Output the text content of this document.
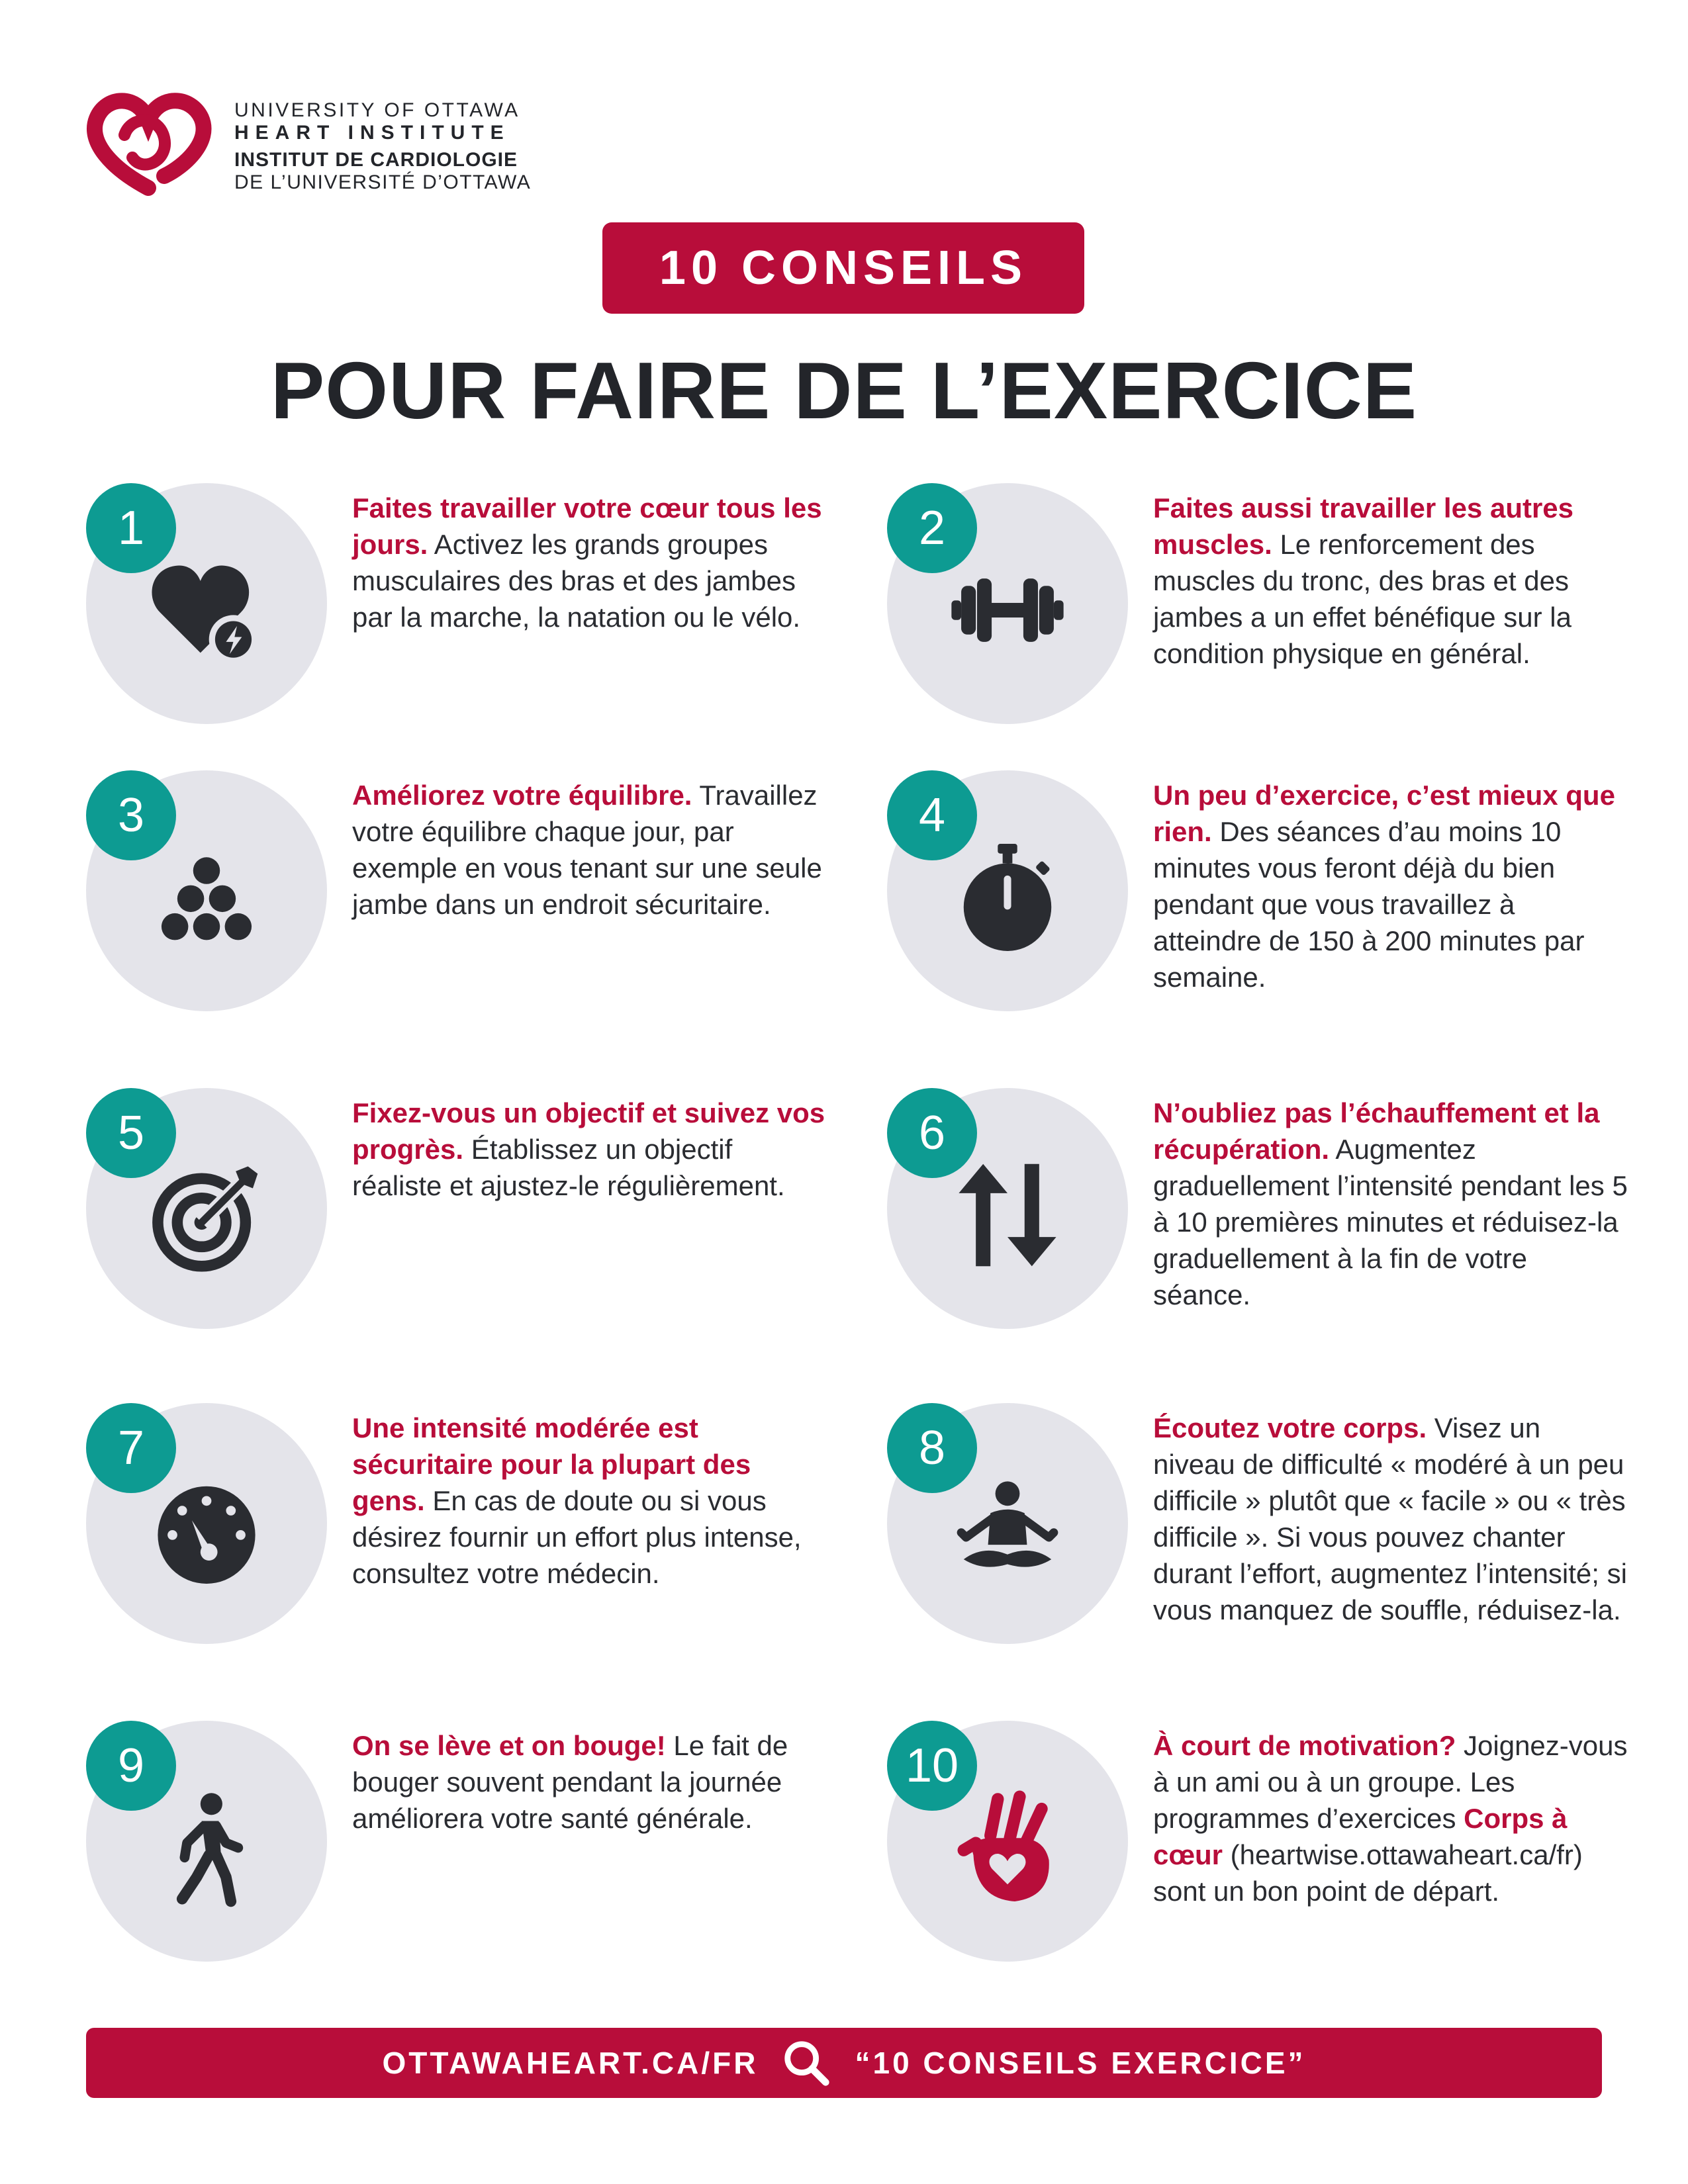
UNIVERSITY OF OTTAWA
HEART INSTITUTE
INSTITUT DE CARDIOLOGIE
DE L’UNIVERSITÉ D’OTTAWA
10 CONSEILS
POUR FAIRE DE L’EXERCICE
1	Faites travailler votre cœur tous les jours. Activez les grands groupes musculaires des bras et des jambes par la marche, la natation ou le vélo.
2	Faites aussi travailler les autres muscles. Le renforcement des muscles du tronc, des bras et des jambes a un effet bénéfique sur la condition physique en général.
3	Améliorez votre équilibre. Travaillez votre équilibre chaque jour, par exemple en vous tenant sur une seule jambe dans un endroit sécuritaire.
4	Un peu d’exercice, c’est mieux que rien. Des séances d’au moins 10 minutes vous feront déjà du bien pendant que vous travaillez à atteindre de 150 à 200 minutes par semaine.
5	Fixez-vous un objectif et suivez vos progrès. Établissez un objectif réaliste et ajustez-le régulièrement.
6	N’oubliez pas l’échauffement et la récupération. Augmentez graduellement l’intensité pendant les 5 à 10 premières minutes et réduisez-la graduellement à la fin de votre séance.
7	Une intensité modérée est sécuritaire pour la plupart des gens. En cas de doute ou si vous désirez fournir un effort plus intense, consultez votre médecin.
8	Écoutez votre corps. Visez un niveau de difficulté « modéré à un peu difficile » plutôt que « facile » ou « très difficile ». Si vous pouvez chanter durant l’effort, augmentez l’intensité; si vous manquez de souffle, réduisez-la.
9	On se lève et on bouge! Le fait de bouger souvent pendant la journée améliorera votre santé générale.
10	À court de motivation? Joignez-vous à un ami ou à un groupe. Les programmes d’exercices Corps à cœur (heartwise.ottawaheart.ca/fr) sont un bon point de départ.
OTTAWAHEART.CA/FR	“10 CONSEILS EXERCICE”
